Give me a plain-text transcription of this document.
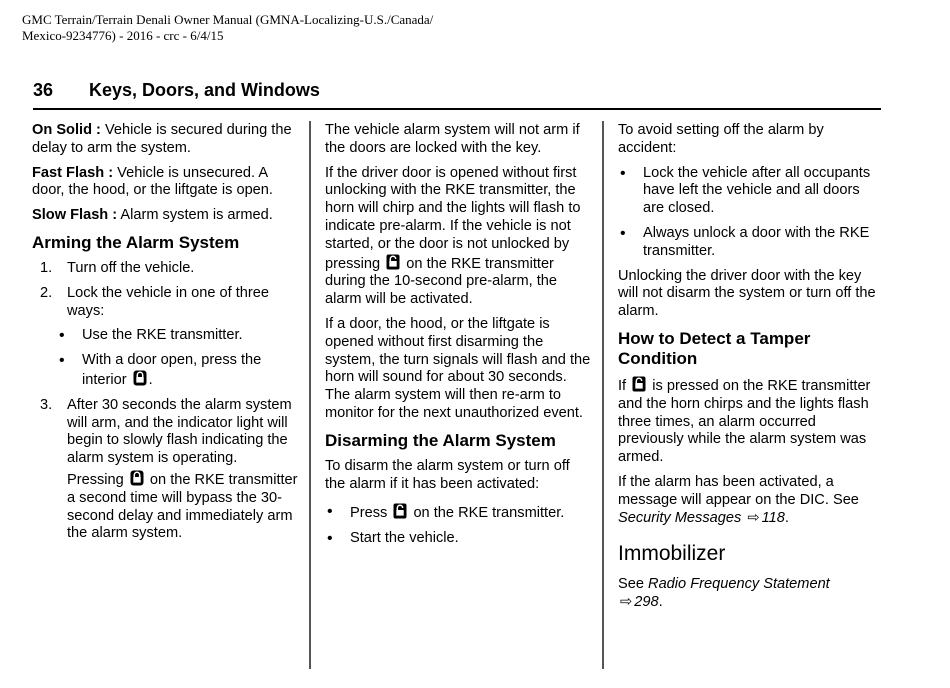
GMC Terrain/Terrain Denali Owner Manual (GMNA-Localizing-U.S./Canada/
Mexico-9234776) - 2016 - crc - 6/4/15
36 Keys, Doors, and Windows

On Solid : Vehicle is secured during the delay to arm the system.

Fast Flash : Vehicle is unsecured. A door, the hood, or the liftgate is open.

Slow Flash : Alarm system is armed.

Arming the Alarm System
1. Turn off the vehicle.
2. Lock the vehicle in one of three ways:
• Use the RKE transmitter.
• With a door open, press the interior .
3. After 30 seconds the alarm system will arm, and the indicator light will begin to slowly flash indicating the alarm system is operating.
Pressing on the RKE transmitter a second time will bypass the 30-second delay and immediately arm the alarm system.

The vehicle alarm system will not arm if the doors are locked with the key.

If the driver door is opened without first unlocking with the RKE transmitter, the horn will chirp and the lights will flash to indicate pre-alarm. If the vehicle is not started, or the door is not unlocked by pressing on the RKE transmitter during the 10-second pre-alarm, the alarm will be activated.

If a door, the hood, or the liftgate is opened without first disarming the system, the turn signals will flash and the horn will sound for about 30 seconds. The alarm system will then re-arm to monitor for the next unauthorized event.

Disarming the Alarm System

To disarm the alarm system or turn off the alarm if it has been activated:

• Press on the RKE transmitter.
• Start the vehicle.

To avoid setting off the alarm by accident:

• Lock the vehicle after all occupants have left the vehicle and all doors are closed.
• Always unlock a door with the RKE transmitter.

Unlocking the driver door with the key will not disarm the system or turn off the alarm.

How to Detect a Tamper Condition

If is pressed on the RKE transmitter and the horn chirps and the lights flash three times, an alarm occurred previously while the alarm system was armed.

If the alarm has been activated, a message will appear on the DIC. See Security Messages ⇨ 118.

Immobilizer

See Radio Frequency Statement
⇨ 298.
